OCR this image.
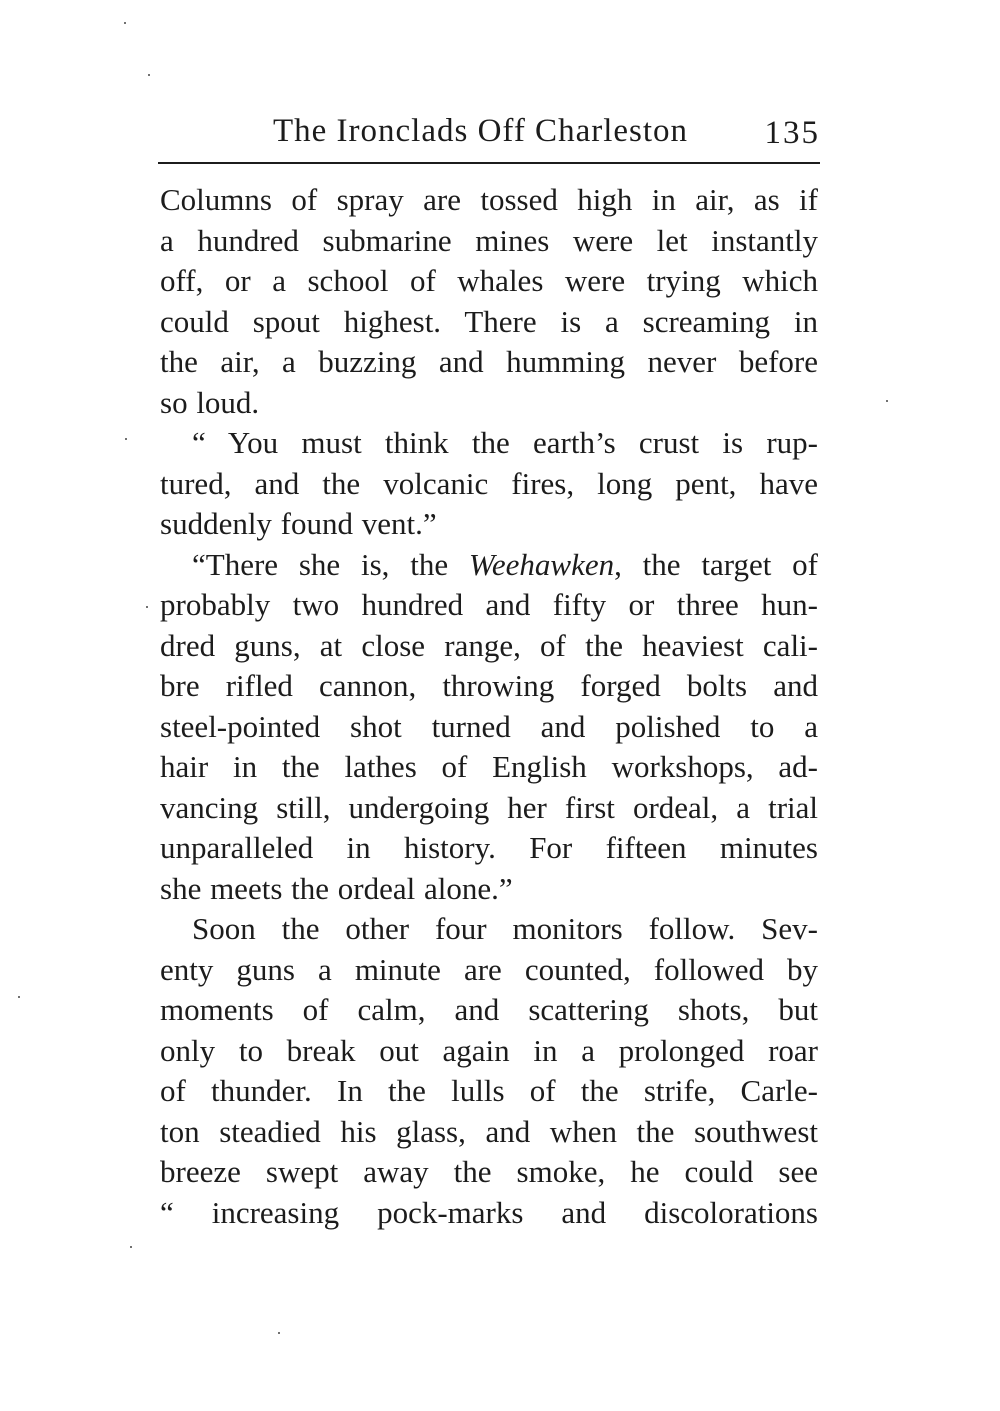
The Ironclads Off Charleston 135
Columns of spray are tossed high in air, as if
a hundred submarine mines were let instantly
off, or a school of whales were trying which
could spout highest. There is a screaming in
the air, a buzzing and humming never before
so loud.
“ You must think the earth’s crust is rup-
tured, and the volcanic fires, long pent, have
suddenly found vent.”
“There she is, the Weehawken, the target of
probably two hundred and fifty or three hun-
dred guns, at close range, of the heaviest cali-
bre rifled cannon, throwing forged bolts and
steel-pointed shot turned and polished to a
hair in the lathes of English workshops, ad-
vancing still, undergoing her first ordeal, a trial
unparalleled in history. For fifteen minutes
she meets the ordeal alone.”
Soon the other four monitors follow. Sev-
enty guns a minute are counted, followed by
moments of calm, and scattering shots, but
only to break out again in a prolonged roar
of thunder. In the lulls of the strife, Carle-
ton steadied his glass, and when the southwest
breeze swept away the smoke, he could see
“ increasing pock-marks and discolorations
